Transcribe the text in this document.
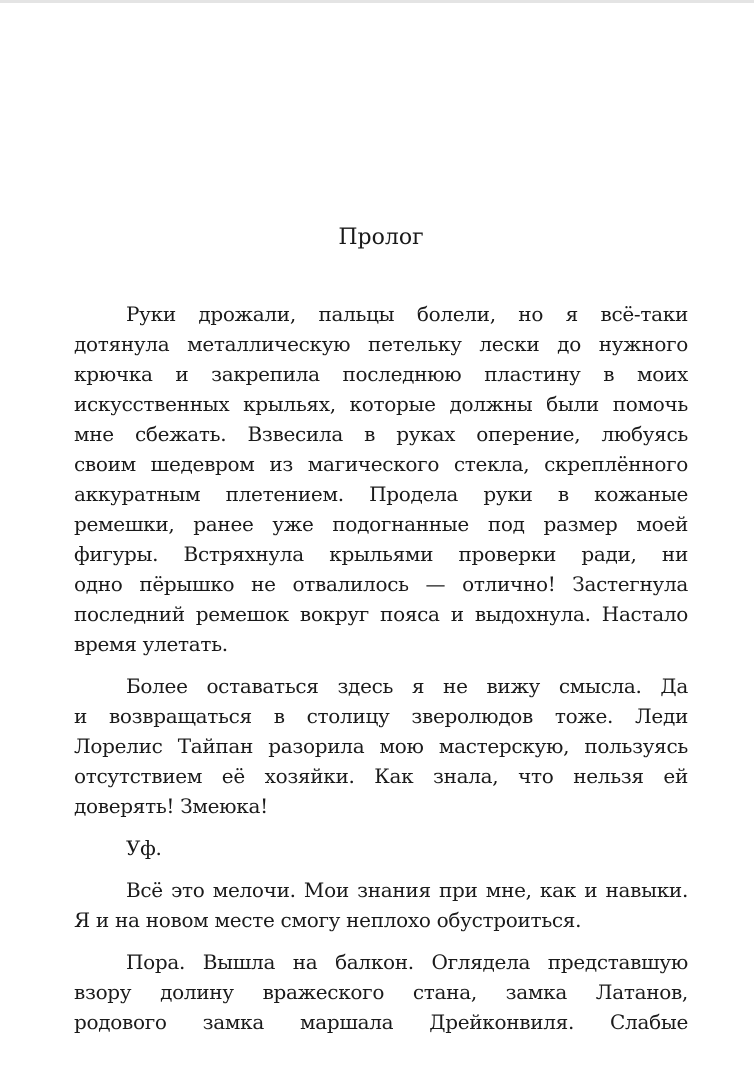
Пролог

Руки дрожали, пальцы болели, но я всё-таки
дотянула металлическую петельку лески до нужного
крючка и закрепила последнюю пластину в моих
искусственных крыльях, которые должны были помочь
мне сбежать. Взвесила в руках оперение, любуясь
своим шедевром из магического стекла, скреплённого
аккуратным плетением. Продела руки в кожаные
ремешки, ранее уже подогнанные под размер моей
фигуры. Встряхнула крыльями проверки ради, ни
одно пёрышко не отвалилось — отлично! Застегнула
последний ремешок вокруг пояса и выдохнула. Настало
время улетать.

Более оставаться здесь я не вижу смысла. Да
и возвращаться в столицу зверолюдов тоже. Леди
Лорелис Тайпан разорила мою мастерскую, пользуясь
отсутствием её хозяйки. Как знала, что нельзя ей
доверять! Змеюка!

Уф.

Всё это мелочи. Мои знания при мне, как и навыки.
Я и на новом месте смогу неплохо обустроиться.

Пора. Вышла на балкон. Оглядела представшую
взору долину вражеского стана, замка Латанов,
родового замка маршала Дрейконвиля. Слабые
